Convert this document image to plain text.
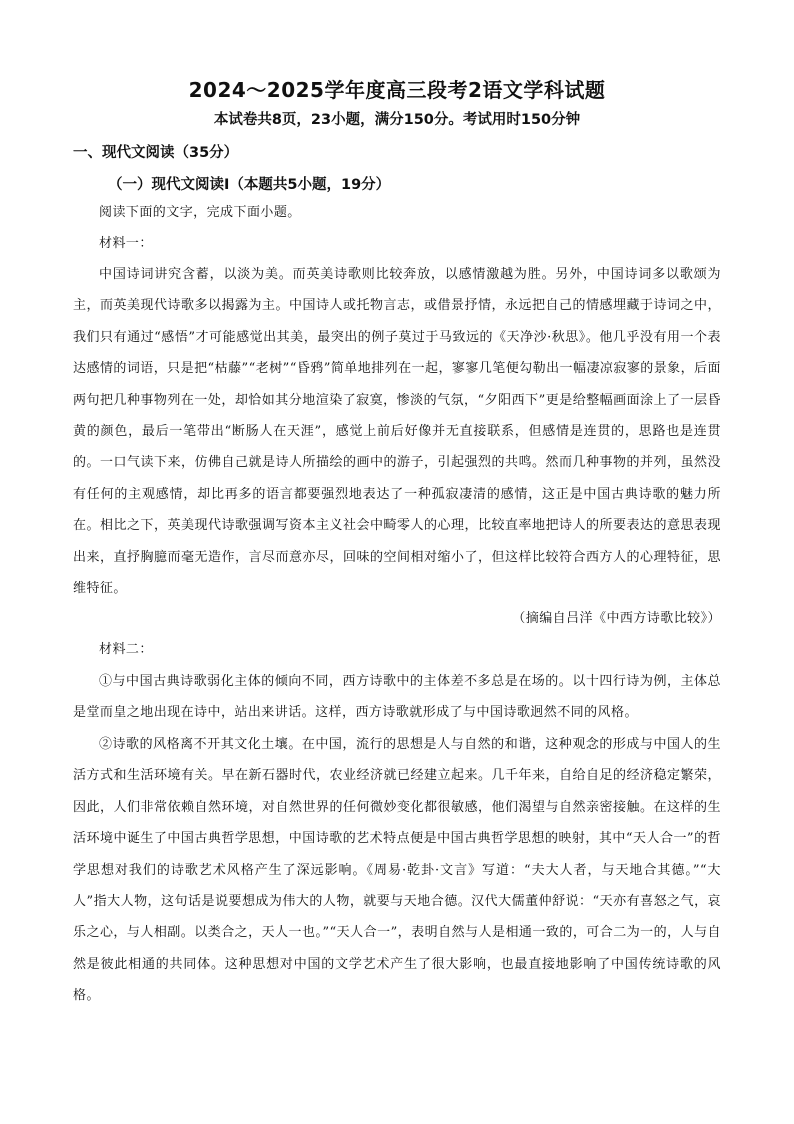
2024～2025学年度高三段考2语文学科试题
本试卷共8页，23小题，满分150分。考试用时150分钟
一、现代文阅读（35分）
（一）现代文阅读Ⅰ（本题共5小题，19分）

阅读下面的文字，完成下面小题。

材料一：

中国诗词讲究含蓄，以淡为美。而英美诗歌则比较奔放，以感情激越为胜。另外，中国诗词多以歌颂为主，而英美现代诗歌多以揭露为主。中国诗人或托物言志，或借景抒情，永远把自己的情感埋藏于诗词之中，我们只有通过“感悟”才可能感觉出其美，最突出的例子莫过于马致远的《天净沙·秋思》。他几乎没有用一个表达感情的词语，只是把“枯藤”“老树”“昏鸦”简单地排列在一起，寥寥几笔便勾勒出一幅凄凉寂寥的景象，后面两句把几种事物列在一处，却恰如其分地渲染了寂寞，惨淡的气氛，“夕阳西下”更是给整幅画面涂上了一层昏黄的颜色，最后一笔带出“断肠人在天涯”，感觉上前后好像并无直接联系，但感情是连贯的，思路也是连贯的。一口气读下来，仿佛自己就是诗人所描绘的画中的游子，引起强烈的共鸣。然而几种事物的并列，虽然没有任何的主观感情，却比再多的语言都要强烈地表达了一种孤寂凄清的感情，这正是中国古典诗歌的魅力所在。相比之下，英美现代诗歌强调写资本主义社会中畸零人的心理，比较直率地把诗人的所要表达的意思表现出来，直抒胸臆而毫无造作，言尽而意亦尽，回味的空间相对缩小了，但这样比较符合西方人的心理特征，思维特征。

（摘编自吕洋《中西方诗歌比较》）

材料二：

①与中国古典诗歌弱化主体的倾向不同，西方诗歌中的主体差不多总是在场的。以十四行诗为例，主体总是堂而皇之地出现在诗中，站出来讲话。这样，西方诗歌就形成了与中国诗歌迥然不同的风格。

②诗歌的风格离不开其文化土壤。在中国，流行的思想是人与自然的和谐，这种观念的形成与中国人的生活方式和生活环境有关。早在新石器时代，农业经济就已经建立起来。几千年来，自给自足的经济稳定繁荣，因此，人们非常依赖自然环境，对自然世界的任何微妙变化都很敏感，他们渴望与自然亲密接触。在这样的生活环境中诞生了中国古典哲学思想，中国诗歌的艺术特点便是中国古典哲学思想的映射，其中“天人合一”的哲学思想对我们的诗歌艺术风格产生了深远影响。《周易·乾卦·文言》写道：“夫大人者，与天地合其德。”“大人”指大人物，这句话是说要想成为伟大的人物，就要与天地合德。汉代大儒董仲舒说：“天亦有喜怒之气，哀乐之心，与人相副。以类合之，天人一也。”“天人合一”，表明自然与人是相通一致的，可合二为一的，人与自然是彼此相通的共同体。这种思想对中国的文学艺术产生了很大影响，也最直接地影响了中国传统诗歌的风格。
